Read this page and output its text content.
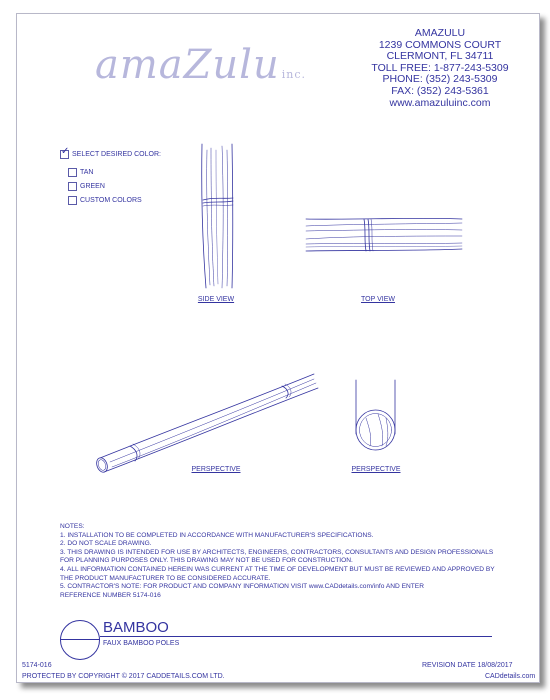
amaZulu inc.
AMAZULU
1239 COMMONS COURT
CLERMONT, FL 34711
TOLL FREE: 1-877-243-5309
PHONE: (352) 243-5309
FAX: (352) 243-5361
www.amazuluinc.com
✓
SELECT DESIRED COLOR:
TAN
GREEN
CUSTOM COLORS
SIDE VIEW	TOP VIEW
PERSPECTIVE	PERSPECTIVE
NOTES:
1. INSTALLATION TO BE COMPLETED IN ACCORDANCE WITH MANUFACTURER'S SPECIFICATIONS.
2. DO NOT SCALE DRAWING.
3. THIS DRAWING IS INTENDED FOR USE BY ARCHITECTS, ENGINEERS, CONTRACTORS, CONSULTANTS AND DESIGN PROFESSIONALS
FOR PLANNING PURPOSES ONLY. THIS DRAWING MAY NOT BE USED FOR CONSTRUCTION.
4. ALL INFORMATION CONTAINED HEREIN WAS CURRENT AT THE TIME OF DEVELOPMENT BUT MUST BE REVIEWED AND APPROVED BY
THE PRODUCT MANUFACTURER TO BE CONSIDERED ACCURATE.
5. CONTRACTOR'S NOTE: FOR PRODUCT AND COMPANY INFORMATION VISIT www.CADdetails.com/info AND ENTER
REFERENCE NUMBER 5174-016
BAMBOO
FAUX BAMBOO POLES
5174-016	REVISION DATE 18/08/2017
PROTECTED BY COPYRIGHT © 2017 CADDETAILS.COM LTD.	CADdetails.com
